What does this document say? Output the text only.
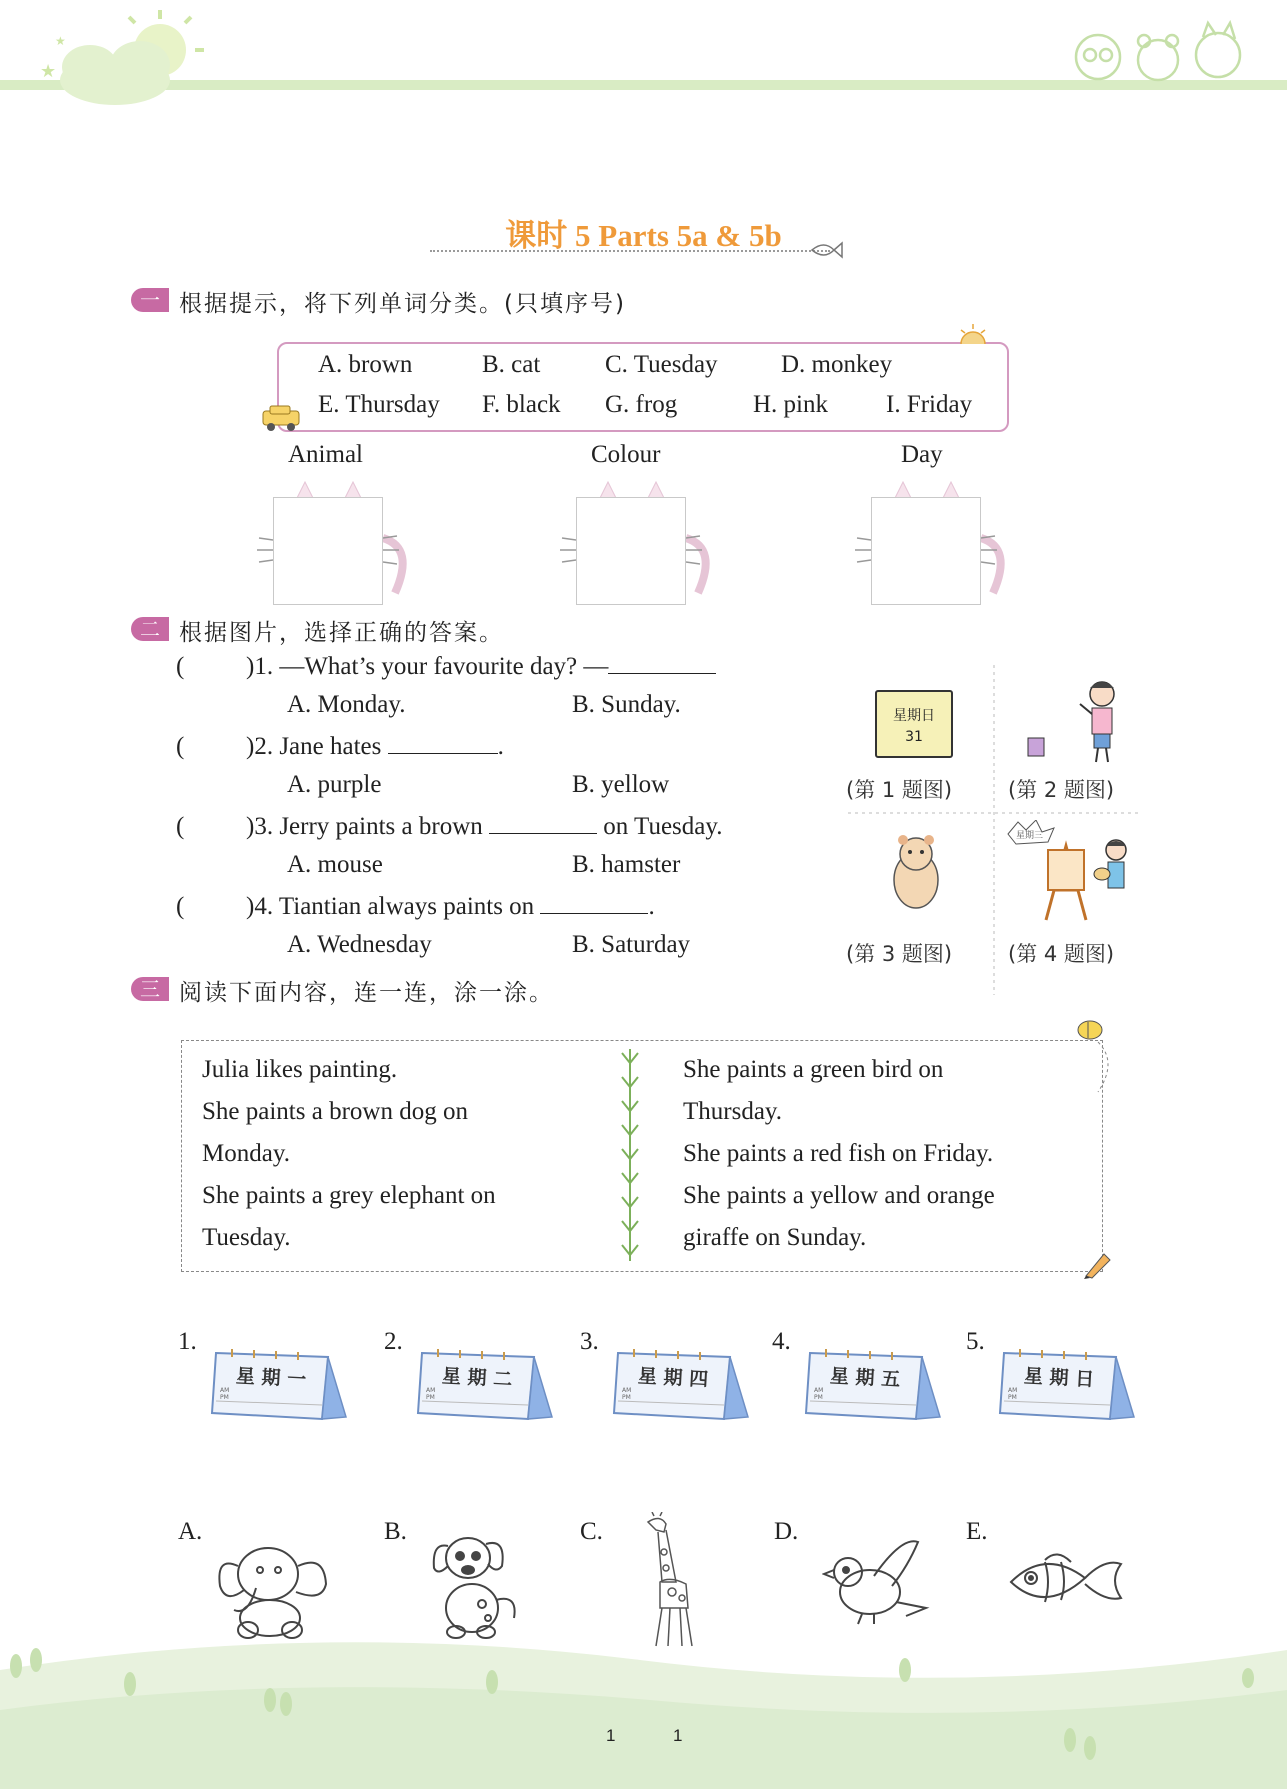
★
★
课时 5 Parts 5a & 5b
一 根据提示，将下列单词分类。(只填序号)
A. brown	B. cat	C. Tuesday	D. monkey
E. Thursday F. black G. frog	H. pink I. Friday
Animal	Colour	Day
二 根据图片，选择正确的答案。
( )1. —What’s your favourite day? —
A. Monday.	B. Sunday.
( )2. Jane hates	.
A. purple	B. yellow
( )3. Jerry paints a brown	on Tuesday.
A. mouse	B. hamster
( )4. Tiantian always paints on	.
A. Wednesday	B. Saturday
星期日
31
星期三
(第 1 题图)	(第 2 题图)
(第 3 题图)	(第 4 题图)
三 阅读下面内容，连一连，涂一涂。
Julia likes painting.
She paints a brown dog on
Monday.
She paints a grey elephant on
Tuesday.
She paints a green bird on
Thursday.
She paints a red fish on Friday.
She paints a yellow and orange
giraffe on Sunday.
1.
星 期 一
AM PM
2.
星 期 二
AM PM
3.
星 期 四
AM PM
4.
星 期 五
AM PM
5.
星 期 日
AM PM
A.	B.	C.	D.	E.
1	1
